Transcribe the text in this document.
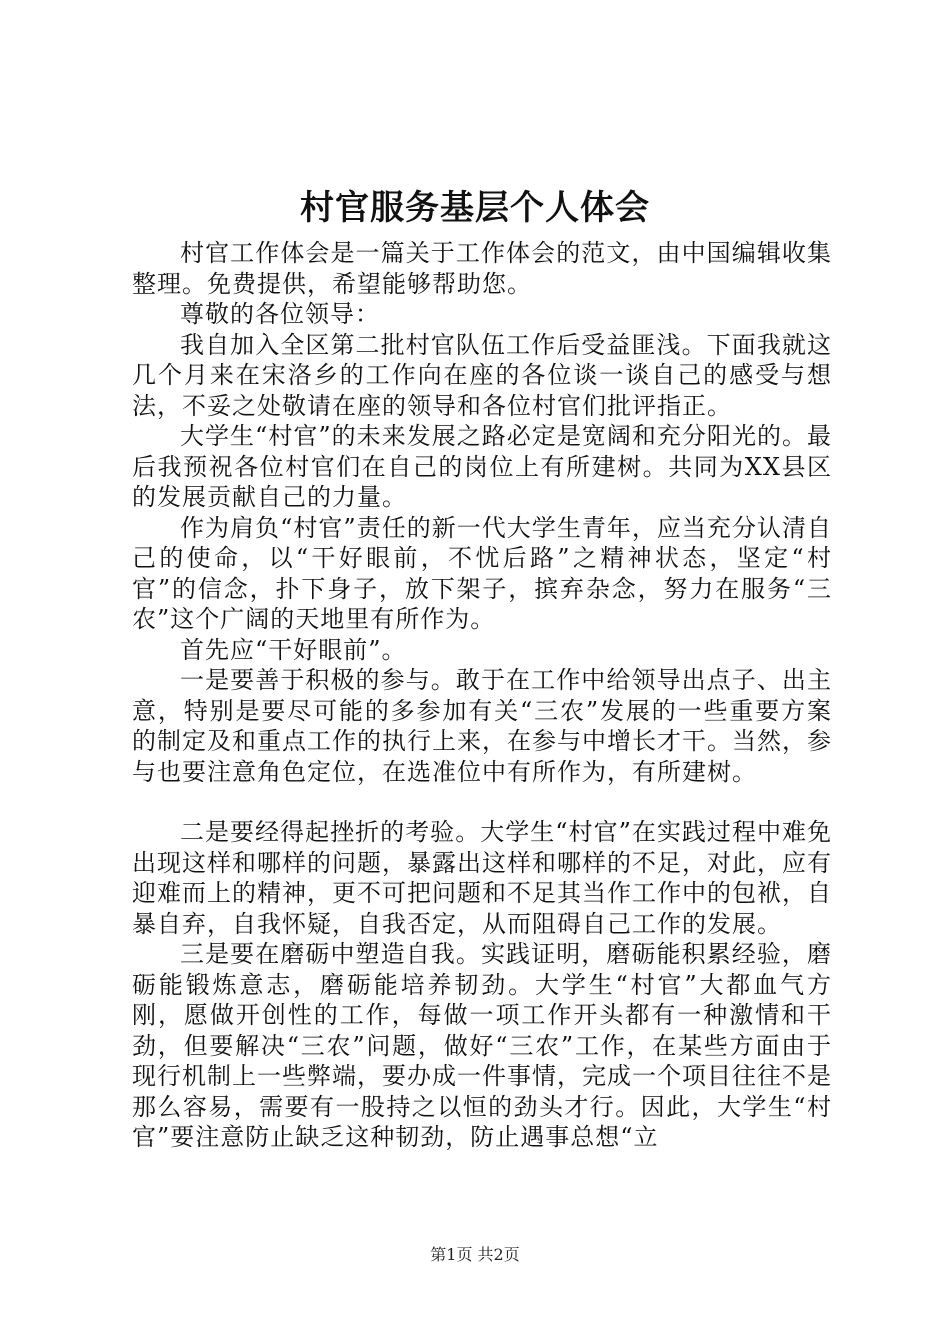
村官服务基层个人体会

村官工作体会是一篇关于工作体会的范文，由中国编辑收集整理。免费提供，希望能够帮助您。

尊敬的各位领导：

我自加入全区第二批村官队伍工作后受益匪浅。下面我就这几个月来在宋洛乡的工作向在座的各位谈一谈自己的感受与想法，不妥之处敬请在座的领导和各位村官们批评指正。

大学生“村官”的未来发展之路必定是宽阔和充分阳光的。最后我预祝各位村官们在自己的岗位上有所建树。共同为XX县区的发展贡献自己的力量。

作为肩负“村官”责任的新一代大学生青年，应当充分认清自己的使命，以“干好眼前，不忧后路”之精神状态，坚定“村官”的信念，扑下身子，放下架子，摈弃杂念，努力在服务“三农”这个广阔的天地里有所作为。

首先应“干好眼前”。

一是要善于积极的参与。敢于在工作中给领导出点子、出主意，特别是要尽可能的多参加有关“三农”发展的一些重要方案的制定及和重点工作的执行上来，在参与中增长才干。当然，参与也要注意角色定位，在选准位中有所作为，有所建树。

二是要经得起挫折的考验。大学生“村官”在实践过程中难免出现这样和哪样的问题，暴露出这样和哪样的不足，对此，应有迎难而上的精神，更不可把问题和不足其当作工作中的包袱，自暴自弃，自我怀疑，自我否定，从而阻碍自己工作的发展。

三是要在磨砺中塑造自我。实践证明，磨砺能积累经验，磨砺能锻炼意志，磨砺能培养韧劲。大学生“村官”大都血气方刚，愿做开创性的工作，每做一项工作开头都有一种激情和干劲，但要解决“三农”问题，做好“三农”工作，在某些方面由于现行机制上一些弊端，要办成一件事情，完成一个项目往往不是那么容易，需要有一股持之以恒的劲头才行。因此，大学生“村官”要注意防止缺乏这种韧劲，防止遇事总想“立

第1页 共2页
